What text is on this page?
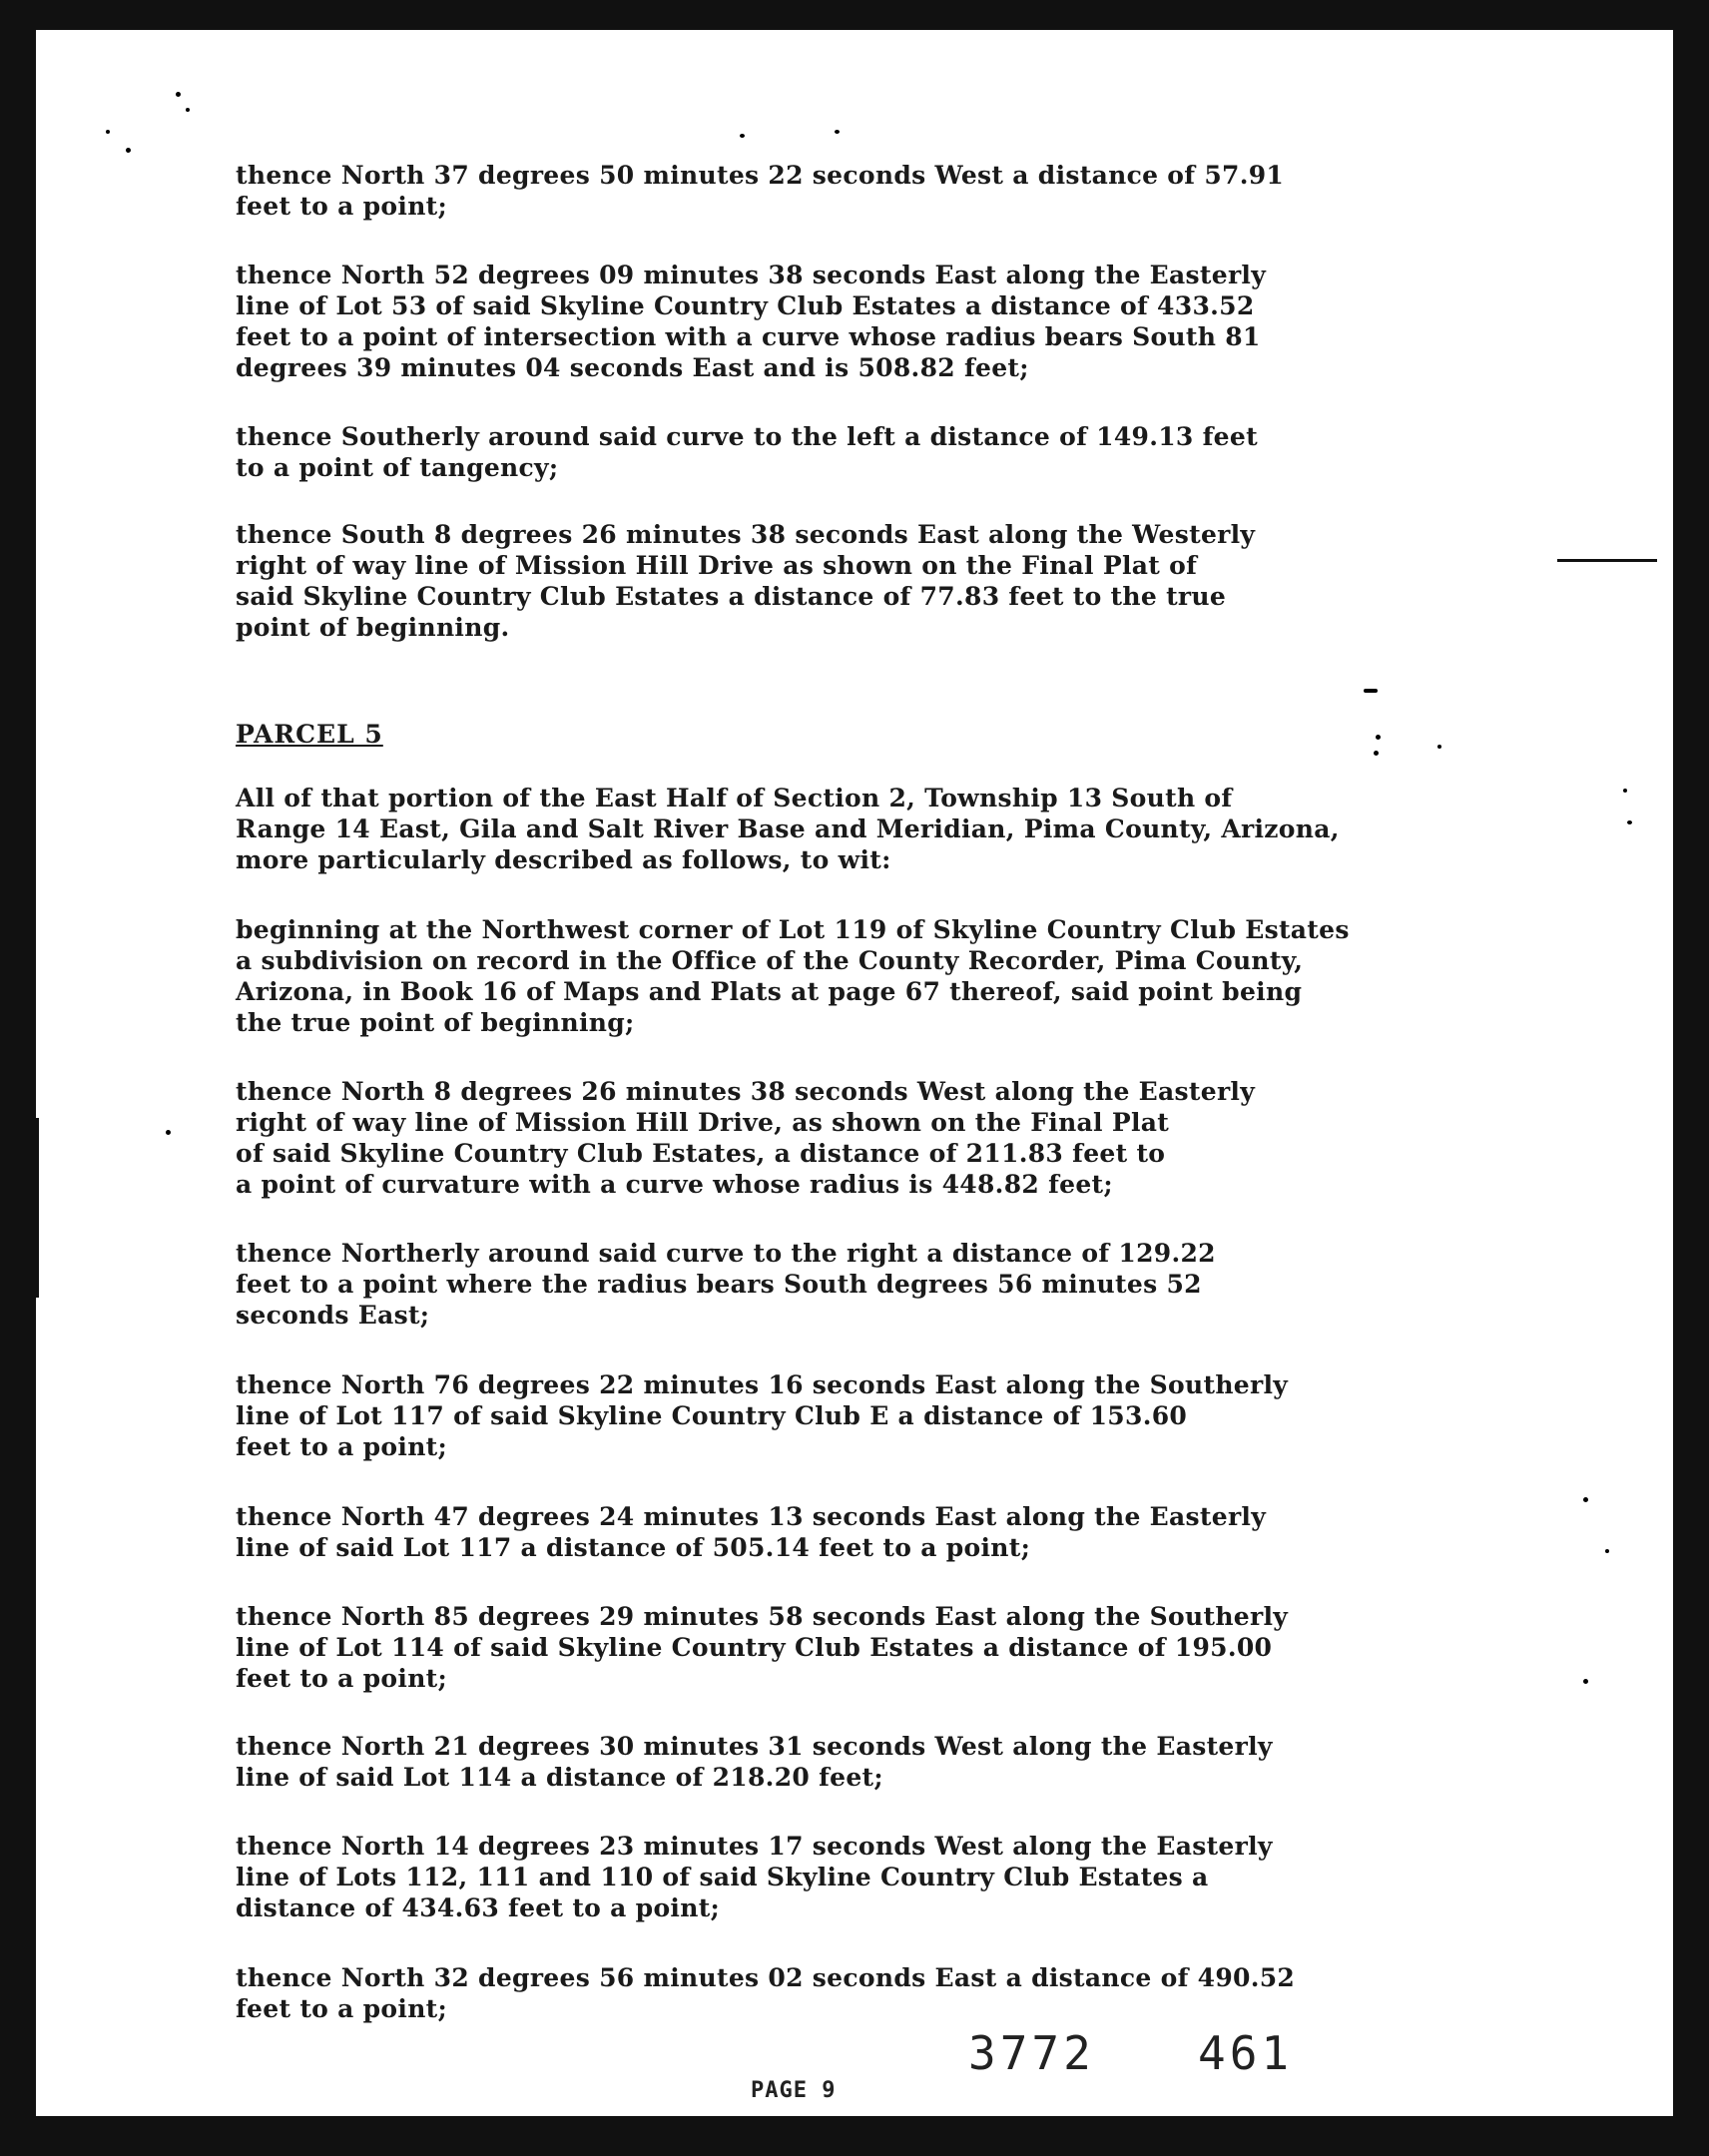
thence North 37 degrees 50 minutes 22 seconds West a distance of 57.91
feet to a point;

thence North 52 degrees 09 minutes 38 seconds East along the Easterly
line of Lot 53 of said Skyline Country Club Estates a distance of 433.52
feet to a point of intersection with a curve whose radius bears South 81
degrees 39 minutes 04 seconds East and is 508.82 feet;

thence Southerly around said curve to the left a distance of 149.13 feet
to a point of tangency;

thence South 8 degrees 26 minutes 38 seconds East along the Westerly
right of way line of Mission Hill Drive as shown on the Final Plat of
said Skyline Country Club Estates a distance of 77.83 feet to the true
point of beginning.

PARCEL 5

All of that portion of the East Half of Section 2, Township 13 South of
Range 14 East, Gila and Salt River Base and Meridian, Pima County, Arizona,
more particularly described as follows, to wit:

beginning at the Northwest corner of Lot 119 of Skyline Country Club Estates
a subdivision on record in the Office of the County Recorder, Pima County,
Arizona, in Book 16 of Maps and Plats at page 67 thereof, said point being
the true point of beginning;

thence North 8 degrees 26 minutes 38 seconds West along the Easterly
right of way line of Mission Hill Drive, as shown on the Final Plat
of said Skyline Country Club Estates, a distance of 211.83 feet to
a point of curvature with a curve whose radius is 448.82 feet;

thence Northerly around said curve to the right a distance of 129.22
feet to a point where the radius bears South degrees 56 minutes 52
seconds East;

thence North 76 degrees 22 minutes 16 seconds East along the Southerly
line of Lot 117 of said Skyline Country Club E a distance of 153.60
feet to a point;

thence North 47 degrees 24 minutes 13 seconds East along the Easterly
line of said Lot 117 a distance of 505.14 feet to a point;

thence North 85 degrees 29 minutes 58 seconds East along the Southerly
line of Lot 114 of said Skyline Country Club Estates a distance of 195.00
feet to a point;

thence North 21 degrees 30 minutes 31 seconds West along the Easterly
line of said Lot 114 a distance of 218.20 feet;

thence North 14 degrees 23 minutes 17 seconds West along the Easterly
line of Lots 112, 111 and 110 of said Skyline Country Club Estates a
distance of 434.63 feet to a point;

thence North 32 degrees 56 minutes 02 seconds East a distance of 490.52
feet to a point;

3772 461
PAGE 9
